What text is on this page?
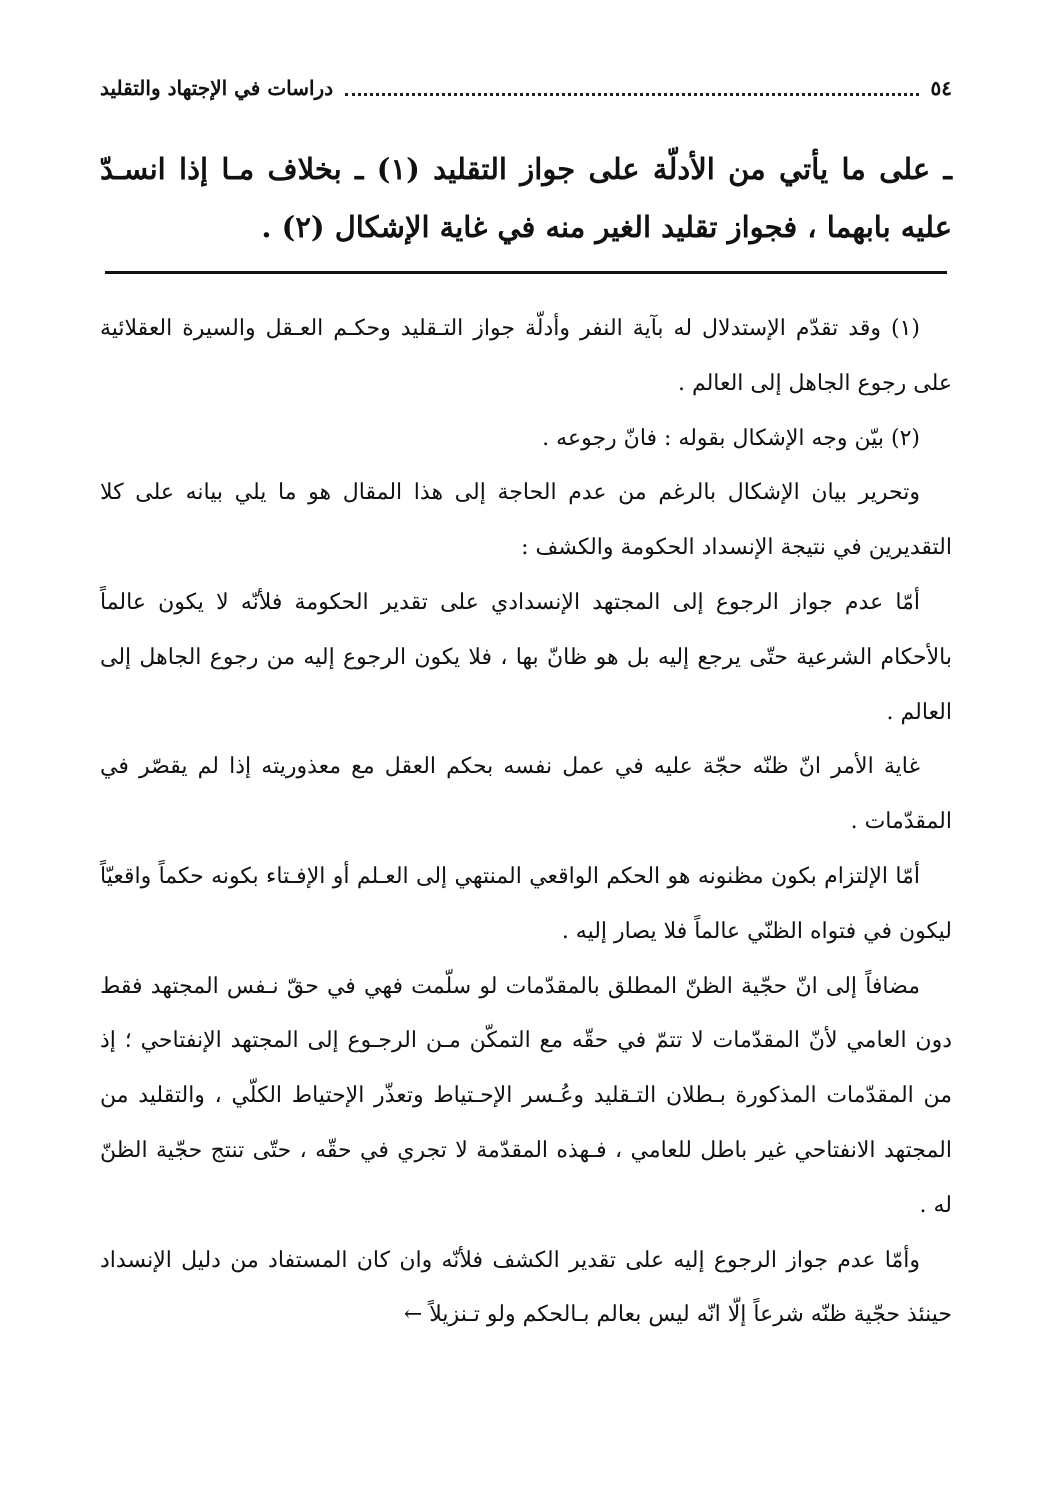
٥٤
دراسات في الإجتهاد والتقليد

ـ على ما يأتي من الأدلّة على جواز التقليد (١) ـ بخلاف مـا إذا انسـدّ عليه بابهما ، فجواز تقليد الغير منه في غاية الإشكال (٢) .

(١) وقد تقدّم الإستدلال له بآية النفر وأدلّة جواز التـقليد وحكـم العـقل والسيرة العقلائية على رجوع الجاهل إلى العالم .

(٢) بيّن وجه الإشكال بقوله : فانّ رجوعه .

وتحرير بيان الإشكال بالرغم من عدم الحاجة إلى هذا المقال هو ما يلي بيانه على كلا التقديرين في نتيجة الإنسداد الحكومة والكشف :

أمّا عدم جواز الرجوع إلى المجتهد الإنسدادي على تقدير الحكومة فلأنّه لا يكون عالماً بالأحكام الشرعية حتّى يرجع إليه بل هو ظانّ بها ، فلا يكون الرجوع إليه من رجوع الجاهل إلى العالم .

غاية الأمر انّ ظنّه حجّة عليه في عمل نفسه بحكم العقل مع معذوريته إذا لم يقصّر في المقدّمات .

أمّا الإلتزام بكون مظنونه هو الحكم الواقعي المنتهي إلى العـلم أو الإفـتاء بكونه حكماً واقعيّاً ليكون في فتواه الظنّي عالماً فلا يصار إليه .

مضافاً إلى انّ حجّية الظنّ المطلق بالمقدّمات لو سلّمت فهي في حقّ نـفس المجتهد فقط دون العامي لأنّ المقدّمات لا تتمّ في حقّه مع التمكّن مـن الرجـوع إلى المجتهد الإنفتاحي ؛ إذ من المقدّمات المذكورة بـطلان التـقليد وعُـسر الإحـتياط وتعذّر الإحتياط الكلّي ، والتقليد من المجتهد الانفتاحي غير باطل للعامي ، فـهذه المقدّمة لا تجري في حقّه ، حتّى تنتج حجّية الظنّ له .

وأمّا عدم جواز الرجوع إليه على تقدير الكشف فلأنّه وان كان المستفاد من دليل الإنسداد حينئذ حجّية ظنّه شرعاً إلّا انّه ليس بعالم بـالحكم ولو تـنزيلاً ←
